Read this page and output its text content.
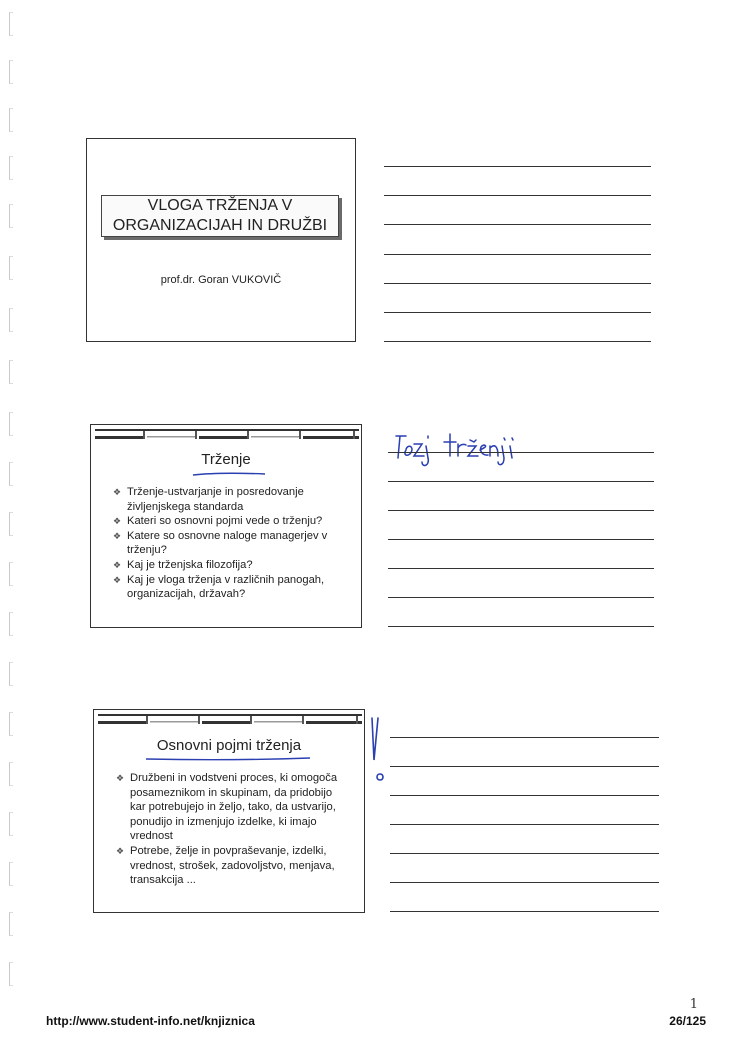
VLOGA TRŽENJA V ORGANIZACIJAH IN DRUŽBI
prof.dr. Goran VUKOVIČ
Trženje
❖ Trženje-ustvarjanje in posredovanje življenjskega standarda
❖ Kateri so osnovni pojmi vede o trženju?
❖ Katere so osnovne naloge managerjev v trženju?
❖ Kaj je trženjska filozofija?
❖ Kaj je vloga trženja v različnih panogah, organizacijah, državah?
Osnovni pojmi trženja
❖ Družbeni in vodstveni proces, ki omogoča posameznikom in skupinam, da pridobijo kar potrebujejo in željo, tako, da ustvarijo, ponudijo in izmenjujo izdelke, ki imajo vrednost
❖ Potrebe, želje in povpraševanje, izdelki, vrednost, strošek, zadovoljstvo, menjava, transakcija ...
1
http://www.student-info.net/knjiznica	26/125
